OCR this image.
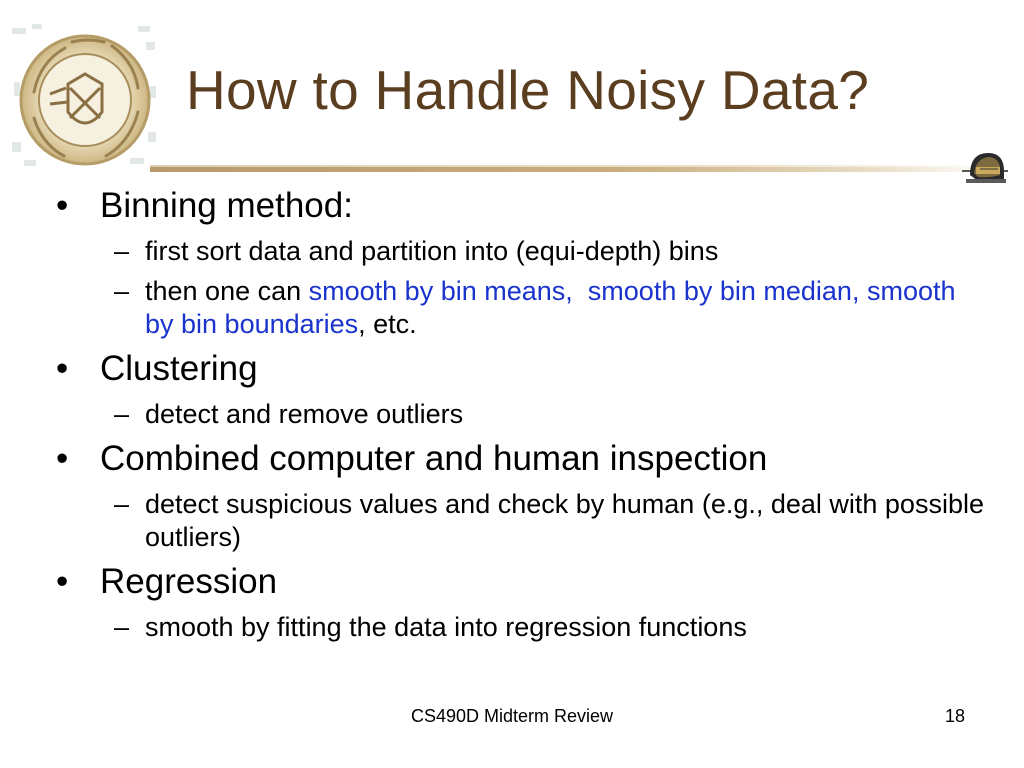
How to Handle Noisy Data?
• Binning method:
– first sort data and partition into (equi-depth) bins
– then one can smooth by bin means, smooth by bin median, smooth by bin boundaries, etc.
• Clustering
– detect and remove outliers
• Combined computer and human inspection
– detect suspicious values and check by human (e.g., deal with possible outliers)
• Regression
– smooth by fitting the data into regression functions
CS490D Midterm Review	18
